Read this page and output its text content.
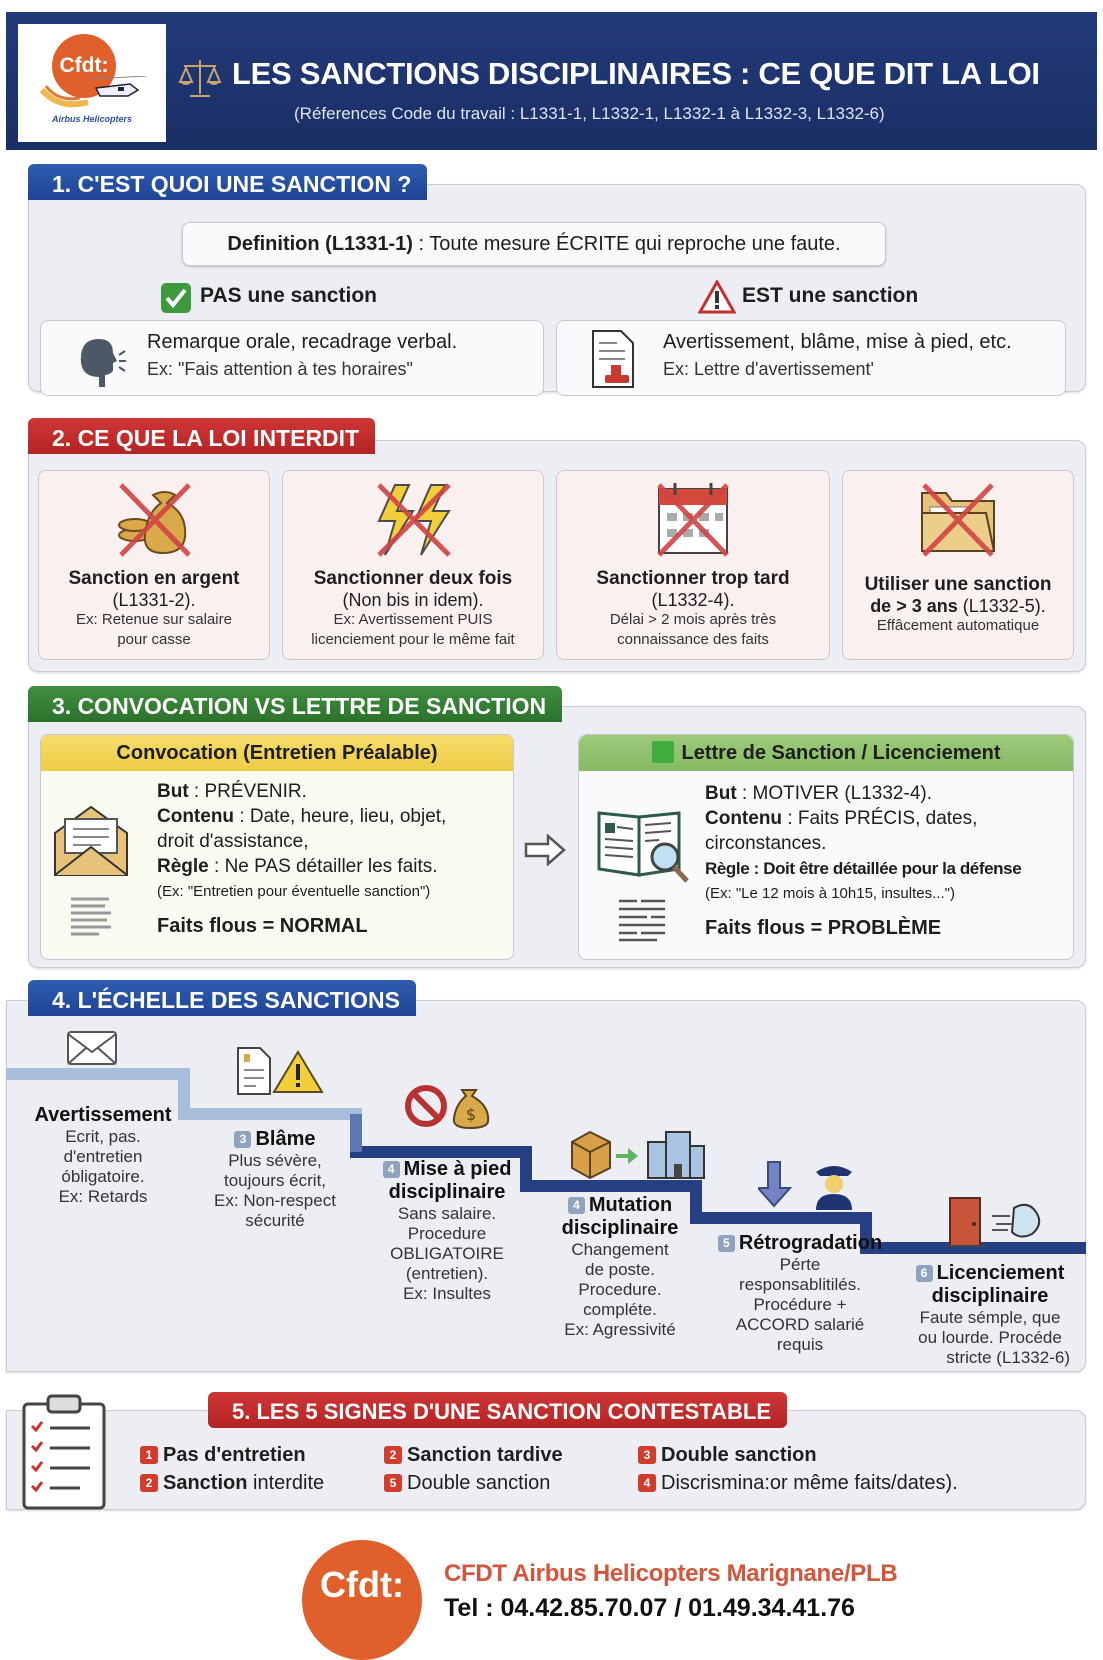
Cfdt:
Airbus Helicopters
LES SANCTIONS DISCIPLINAIRES : CE QUE DIT LA LOI
(Réferences Code du travail : L1331-1, L1332-1, L1332-1 à L1332-3, L1332-6)
1. C'EST QUOI UNE SANCTION ?
Definition (L1331-1) : Toute mesure ÉCRITE qui reproche une faute.
PAS une sanction	EST une sanction
Remarque orale, recadrage verbal.
Ex: "Fais attention à tes horaires"
Avertissement, blâme, mise à pied, etc.
Ex: Lettre d'avertissement'
2. CE QUE LA LOI INTERDIT
Sanction en argent
(L1331-2).
Ex: Retenue sur salaire
pour casse
Sanctionner deux fois
(Non bis in idem).
Ex: Avertissement PUIS
licenciement pour le même fait
Sanctionner trop tard
(L1332-4).
Délai > 2 mois après très
connaissance des faits
Utiliser une sanction
de > 3 ans (L1332-5).
Effâcement automatique
3. CONVOCATION VS LETTRE DE SANCTION
Convocation (Entretien Préalable)
But : PRÉVENIR.
Contenu : Date, heure, lieu, objet,
droit d'assistance,
Règle : Ne PAS détailler les faits.
(Ex: "Entretien pour éventuelle sanction")
Faits flous = NORMAL
Lettre de Sanction / Licenciement
But : MOTIVER (L1332-4).
Contenu : Faits PRÉCIS, dates,
circonstances.
Règle : Doit être détaillée pour la défense
(Ex: "Le 12 mois à 10h15, insultes...")
Faits flous = PROBLÈME
4. L'ÉCHELLE DES SANCTIONS
$
Avertissement
Ecrit, pas.
d'entretien
óbligatoire.
Ex: Retards
3 Blâme
Plus sévère,
toujours écrit,
Ex: Non-respect
sécurité
4 Mise à pied
disciplinaire
Sans salaire.
Procedure
OBLIGATOIRE
(entretien).
Ex: Insultes
4 Mutation
disciplinaire
Changement
de poste.
Procedure.
compléte.
Ex: Agressivité
5 Rétrogradation
Pérte
responsablitilés.
Procédure +
ACCORD salarié
requis
6 Licenciement
disciplinaire
Faute sémple, que
ou lourde. Procéde
stricte (L1332-6)
5. LES 5 SIGNES D'UNE SANCTION CONTESTABLE
1 Pas d'entretien
2 Sanction interdite
2 Sanction tardive
5 Double sanction
3 Double sanction
4 Discrismina:or même faits/dates).
Cfdt:	CFDT Airbus Helicopters Marignane/PLB
Tel : 04.42.85.70.07 / 01.49.34.41.76
